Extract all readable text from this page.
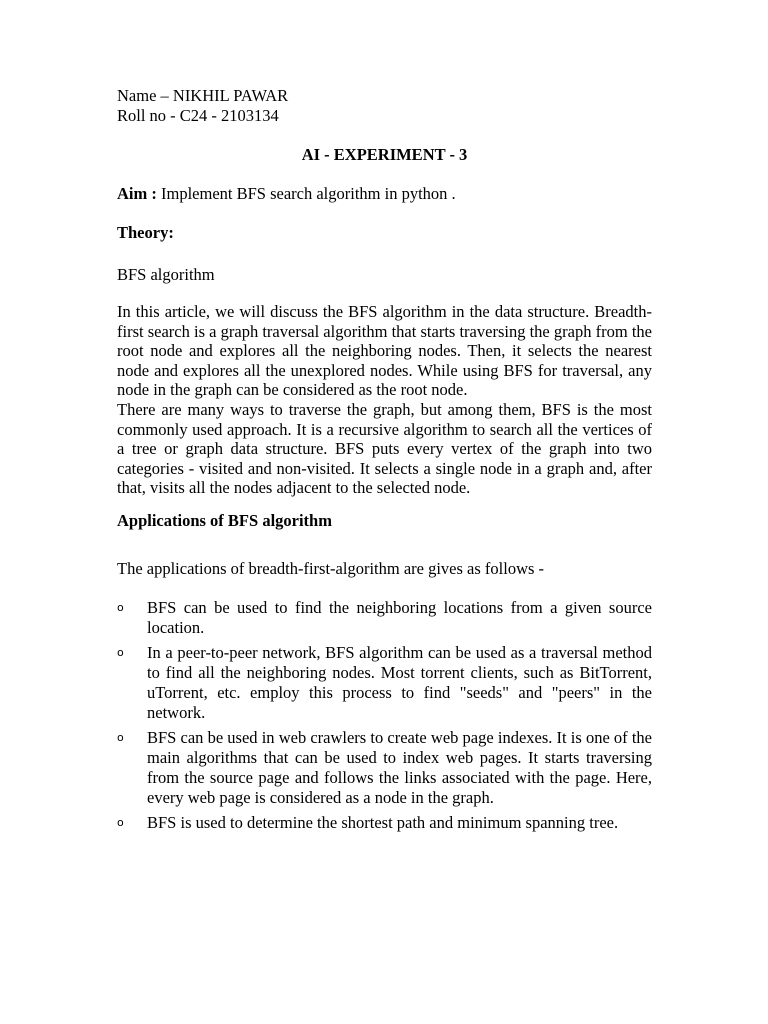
Name – NIKHIL PAWAR
Roll no - C24 - 2103134
AI - EXPERIMENT - 3
Aim : Implement BFS search algorithm in python .
Theory:
BFS algorithm

In this article, we will discuss the BFS algorithm in the data structure. Breadth-first search is a graph traversal algorithm that starts traversing the graph from the root node and explores all the neighboring nodes. Then, it selects the nearest node and explores all the unexplored nodes. While using BFS for traversal, any node in the graph can be considered as the root node.

There are many ways to traverse the graph, but among them, BFS is the most commonly used approach. It is a recursive algorithm to search all the vertices of a tree or graph data structure. BFS puts every vertex of the graph into two categories - visited and non-visited. It selects a single node in a graph and, after that, visits all the nodes adjacent to the selected node.

Applications of BFS algorithm
The applications of breadth-first-algorithm are gives as follows -
o BFS can be used to find the neighboring locations from a given source location.
o In a peer-to-peer network, BFS algorithm can be used as a traversal method to find all the neighboring nodes. Most torrent clients, such as BitTorrent, uTorrent, etc. employ this process to find "seeds" and "peers" in the network.
o BFS can be used in web crawlers to create web page indexes. It is one of the main algorithms that can be used to index web pages. It starts traversing from the source page and follows the links associated with the page. Here, every web page is considered as a node in the graph.
o BFS is used to determine the shortest path and minimum spanning tree.
